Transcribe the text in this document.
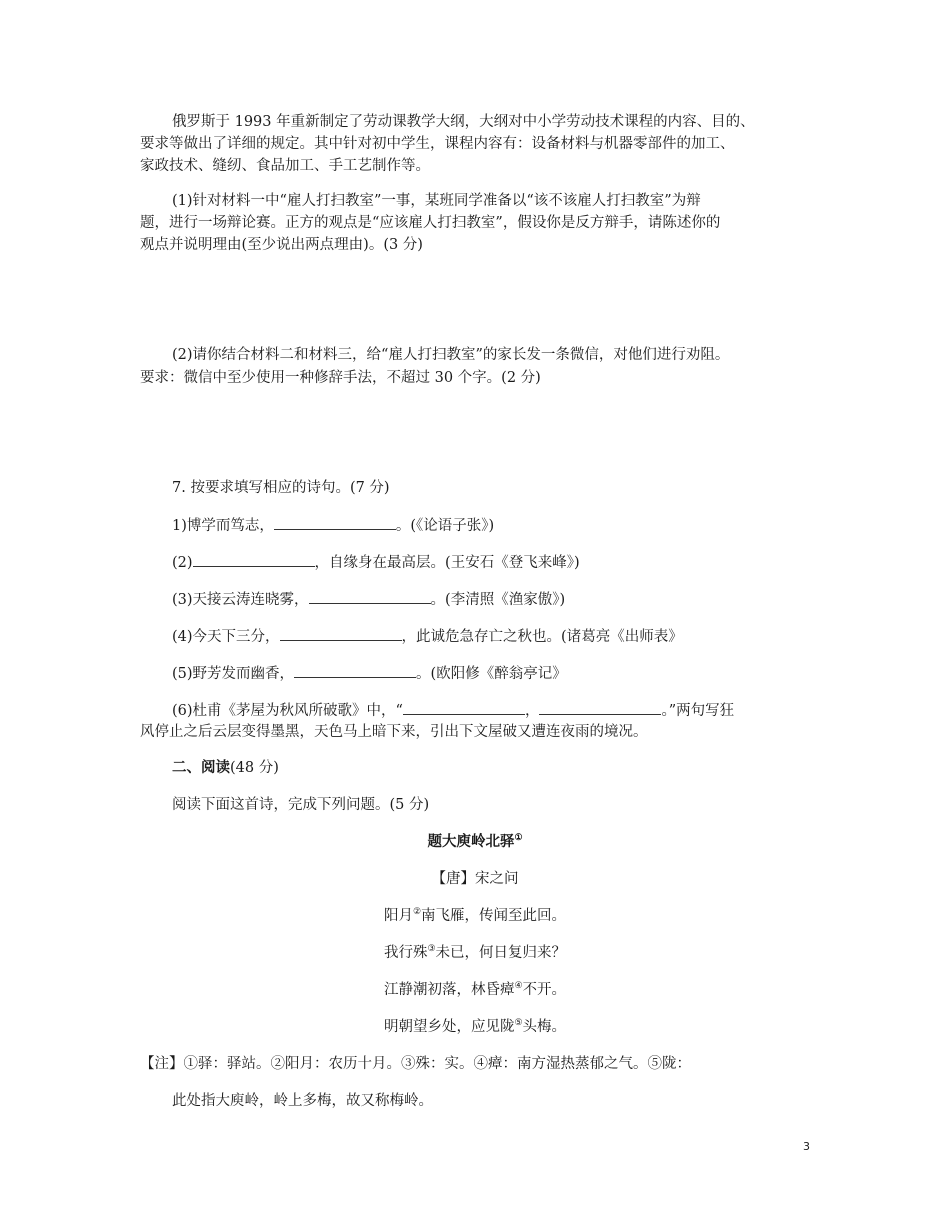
俄罗斯于 1993 年重新制定了劳动课教学大纲，大纲对中小学劳动技术课程的内容、目的、
要求等做出了详细的规定。其中针对初中学生，课程内容有：设备材料与机器零部件的加工、
家政技术、缝纫、食品加工、手工艺制作等。
(1)针对材料一中“雇人打扫教室”一事，某班同学准备以“该不该雇人打扫教室”为辩
题，进行一场辩论赛。正方的观点是“应该雇人打扫教室”，假设你是反方辩手，请陈述你的
观点并说明理由(至少说出两点理由)。(3 分)
(2)请你结合材料二和材料三，给“雇人打扫教室”的家长发一条微信，对他们进行劝阻。
要求：微信中至少使用一种修辞手法，不超过 30 个字。(2 分)
7. 按要求填写相应的诗句。(7 分)
1)博学而笃志，	。(《论语子张》)
(2)	，自缘身在最高层。(王安石《登飞来峰》)
(3)天接云涛连晓雾，	。(李清照《渔家傲》)
(4)今天下三分，	，此诚危急存亡之秋也。(诸葛亮《出师表》
(5)野芳发而幽香，	。(欧阳修《醉翁亭记》
(6)杜甫《茅屋为秋风所破歌》中，“	，	。”两句写狂
风停止之后云层变得墨黑，天色马上暗下来，引出下文屋破又遭连夜雨的境况。
二、阅读(48 分)
阅读下面这首诗，完成下列问题。(5 分)
题大庾岭北驿①
【唐】宋之问
阳月②南飞雁，传闻至此回。
我行殊③未已，何日复归来？
江静潮初落，林昏瘴④不开。
明朝望乡处，应见陇⑤头梅。
【注】①驿：驿站。②阳月：农历十月。③殊：实。④瘴：南方湿热蒸郁之气。⑤陇：
此处指大庾岭，岭上多梅，故又称梅岭。
3
